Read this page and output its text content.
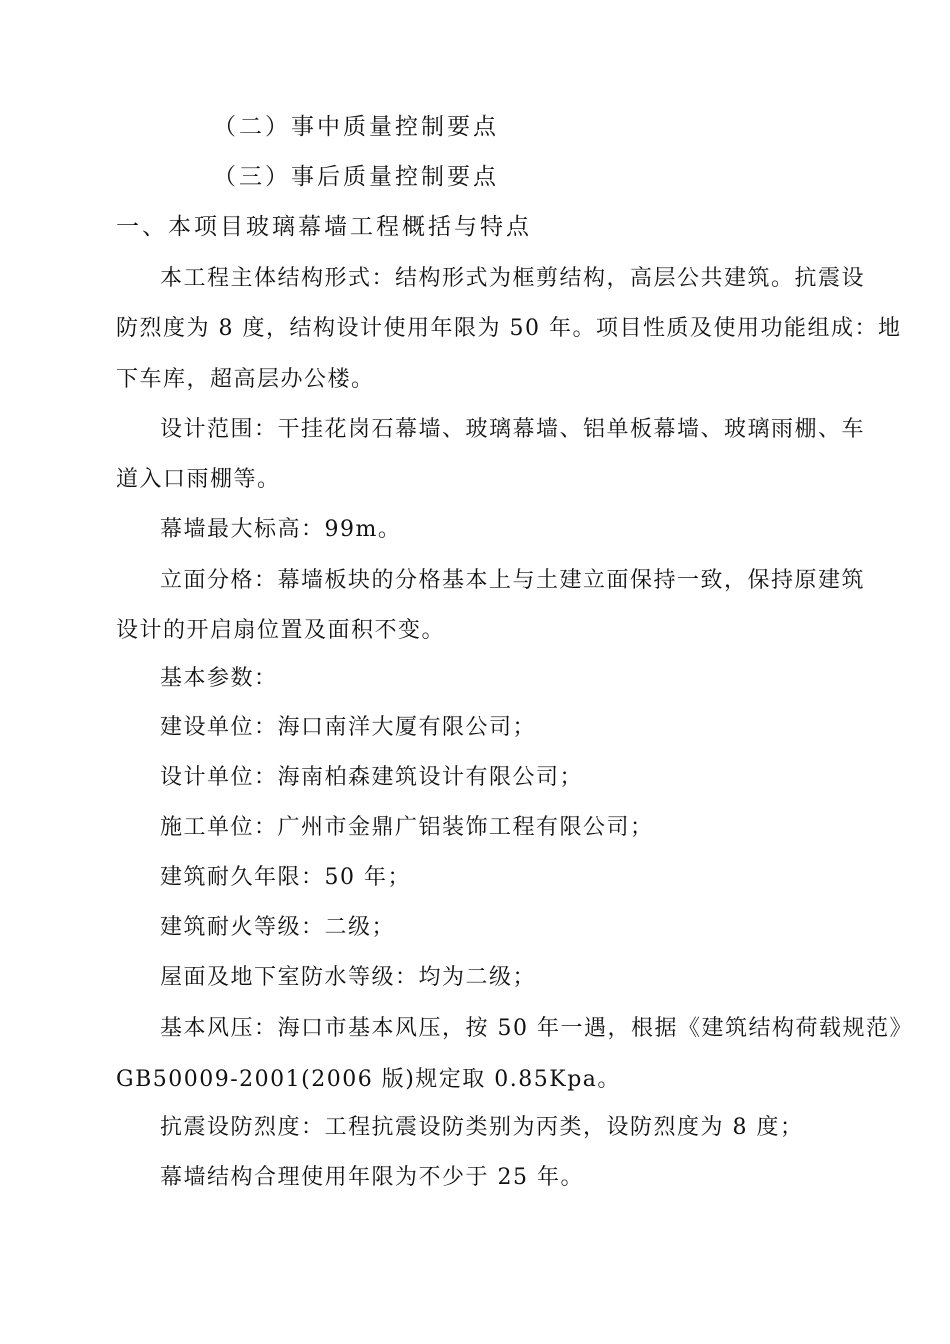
（二）事中质量控制要点
（三）事后质量控制要点
一、本项目玻璃幕墙工程概括与特点
本工程主体结构形式：结构形式为框剪结构，高层公共建筑。抗震设
防烈度为 8 度，结构设计使用年限为 50 年。项目性质及使用功能组成：地
下车库，超高层办公楼。
设计范围：干挂花岗石幕墙、玻璃幕墙、铝单板幕墙、玻璃雨棚、车
道入口雨棚等。
幕墙最大标高：99m。
立面分格：幕墙板块的分格基本上与土建立面保持一致，保持原建筑
设计的开启扇位置及面积不变。
基本参数：
建设单位：海口南洋大厦有限公司；
设计单位：海南柏森建筑设计有限公司；
施工单位：广州市金鼎广铝装饰工程有限公司；
建筑耐久年限：50 年；
建筑耐火等级：二级；
屋面及地下室防水等级：均为二级；
基本风压：海口市基本风压，按 50 年一遇，根据《建筑结构荷载规范》
GB50009-2001(2006 版)规定取 0.85Kpa。
抗震设防烈度：工程抗震设防类别为丙类，设防烈度为 8 度；
幕墙结构合理使用年限为不少于 25 年。
